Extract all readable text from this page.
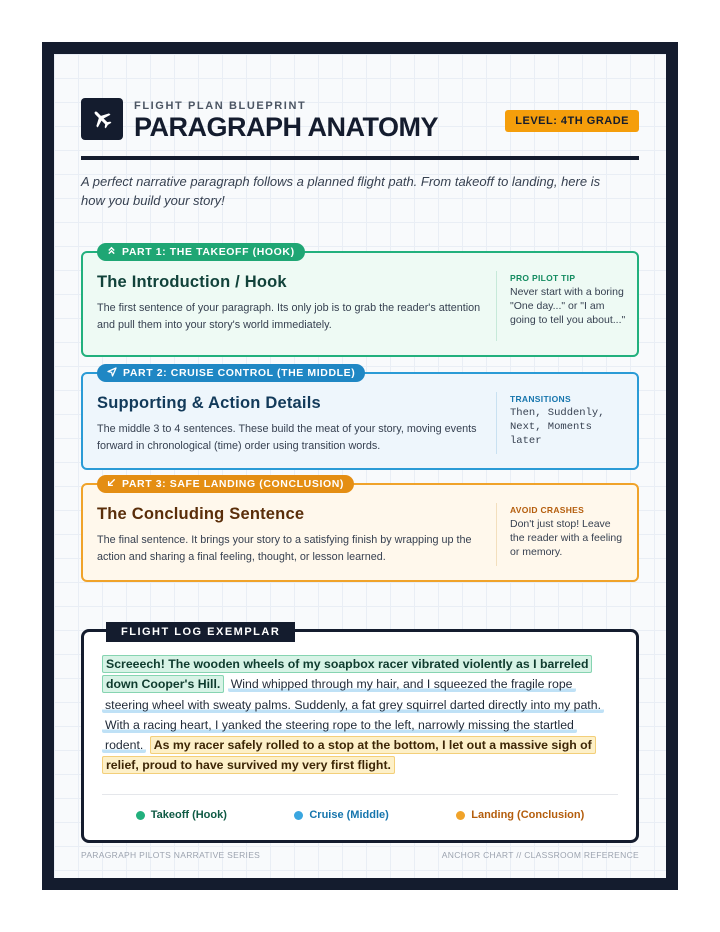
FLIGHT PLAN BLUEPRINT
PARAGRAPH ANATOMY	LEVEL: 4TH GRADE
A perfect narrative paragraph follows a planned flight path. From takeoff to landing, here is how you build your story!
PART 1: THE TAKEOFF (HOOK)
The Introduction / Hook

The first sentence of your paragraph. Its only job is to grab the reader's attention and pull them into your story's world immediately.

PRO PILOT TIP
Never start with a boring "One day..." or "I am going to tell you about..."
PART 2: CRUISE CONTROL (THE MIDDLE)
Supporting & Action Details

The middle 3 to 4 sentences. These build the meat of your story, moving events forward in chronological (time) order using transition words.

TRANSITIONS
Then, Suddenly, Next, Moments later
PART 3: SAFE LANDING (CONCLUSION)
The Concluding Sentence

The final sentence. It brings your story to a satisfying finish by wrapping up the action and sharing a final feeling, thought, or lesson learned.

AVOID CRASHES
Don't just stop! Leave the reader with a feeling or memory.
FLIGHT LOG EXEMPLAR
Screeech! The wooden wheels of my soapbox racer vibrated violently as I barreled down Cooper's Hill. Wind whipped through my hair, and I squeezed the fragile rope steering wheel with sweaty palms. Suddenly, a fat grey squirrel darted directly into my path. With a racing heart, I yanked the steering rope to the left, narrowly missing the startled rodent. As my racer safely rolled to a stop at the bottom, I let out a massive sigh of relief, proud to have survived my very first flight.
Takeoff (Hook)	Cruise (Middle)	Landing (Conclusion)
PARAGRAPH PILOTS NARRATIVE SERIES	ANCHOR CHART // CLASSROOM REFERENCE
